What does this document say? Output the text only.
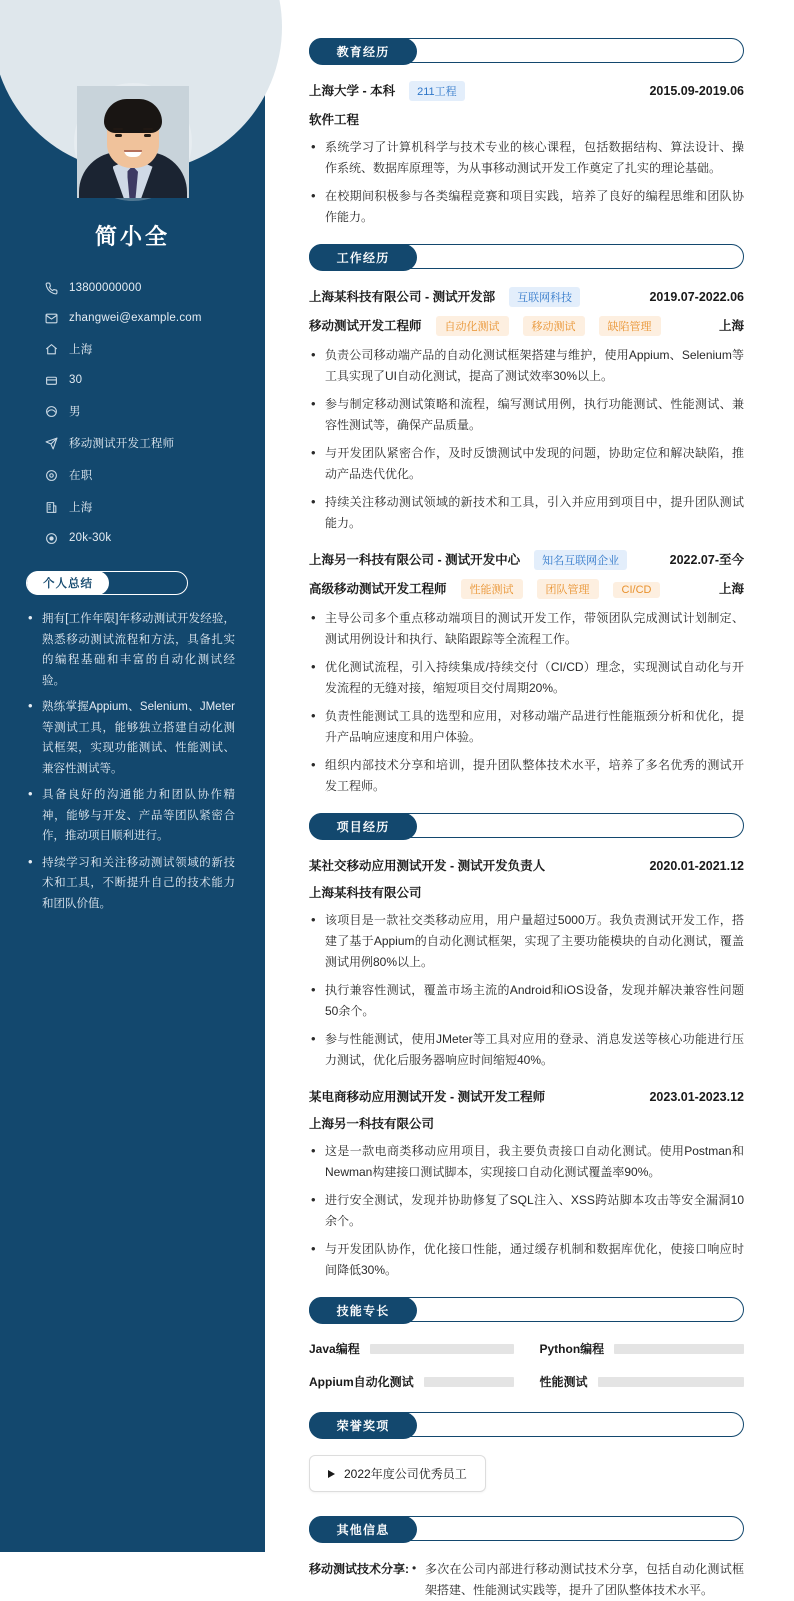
简小全
13800000000
zhangwei@example.com
上海
30
男
移动测试开发工程师
在职
上海
20k-30k
个人总结
• 拥有[工作年限]年移动测试开发经验，熟悉移动测试流程和方法，具备扎实的编程基础和丰富的自动化测试经验。
• 熟练掌握Appium、Selenium、JMeter等测试工具，能够独立搭建自动化测试框架，实现功能测试、性能测试、兼容性测试等。
• 具备良好的沟通能力和团队协作精神，能够与开发、产品等团队紧密合作，推动项目顺利进行。
• 持续学习和关注移动测试领域的新技术和工具，不断提升自己的技术能力和团队价值。
教育经历
上海大学 - 本科	211工程	2015.09-2019.06
软件工程
• 系统学习了计算机科学与技术专业的核心课程，包括数据结构、算法设计、操作系统、数据库原理等，为从事移动测试开发工作奠定了扎实的理论基础。
• 在校期间积极参与各类编程竞赛和项目实践，培养了良好的编程思维和团队协作能力。
工作经历
上海某科技有限公司 - 测试开发部	互联网科技	2019.07-2022.06
移动测试开发工程师	自动化测试	移动测试	缺陷管理	上海
• 负责公司移动端产品的自动化测试框架搭建与维护，使用Appium、Selenium等工具实现了UI自动化测试，提高了测试效率30%以上。
• 参与制定移动测试策略和流程，编写测试用例，执行功能测试、性能测试、兼容性测试等，确保产品质量。
• 与开发团队紧密合作，及时反馈测试中发现的问题，协助定位和解决缺陷，推动产品迭代优化。
• 持续关注移动测试领域的新技术和工具，引入并应用到项目中，提升团队测试能力。
上海另一科技有限公司 - 测试开发中心	知名互联网企业	2022.07-至今
高级移动测试开发工程师	性能测试	团队管理	CI/CD	上海
• 主导公司多个重点移动端项目的测试开发工作，带领团队完成测试计划制定、测试用例设计和执行、缺陷跟踪等全流程工作。
• 优化测试流程，引入持续集成/持续交付（CI/CD）理念，实现测试自动化与开发流程的无缝对接，缩短项目交付周期20%。
• 负责性能测试工具的选型和应用，对移动端产品进行性能瓶颈分析和优化，提升产品响应速度和用户体验。
• 组织内部技术分享和培训，提升团队整体技术水平，培养了多名优秀的测试开发工程师。
项目经历
某社交移动应用测试开发 - 测试开发负责人	2020.01-2021.12
上海某科技有限公司
• 该项目是一款社交类移动应用，用户量超过5000万。我负责测试开发工作，搭建了基于Appium的自动化测试框架，实现了主要功能模块的自动化测试，覆盖测试用例80%以上。
• 执行兼容性测试，覆盖市场主流的Android和iOS设备，发现并解决兼容性问题50余个。
• 参与性能测试，使用JMeter等工具对应用的登录、消息发送等核心功能进行压力测试，优化后服务器响应时间缩短40%。
某电商移动应用测试开发 - 测试开发工程师	2023.01-2023.12
上海另一科技有限公司
• 这是一款电商类移动应用项目，我主要负责接口自动化测试。使用Postman和Newman构建接口测试脚本，实现接口自动化测试覆盖率90%。
• 进行安全测试，发现并协助修复了SQL注入、XSS跨站脚本攻击等安全漏洞10余个。
• 与开发团队协作，优化接口性能，通过缓存机制和数据库优化，使接口响应时间降低30%。
技能专长
Java编程	Python编程
Appium自动化测试	性能测试
荣誉奖项
2022年度公司优秀员工
其他信息
移动测试技术分享:	• 多次在公司内部进行移动测试技术分享，包括自动化测试框架搭建、性能测试实践等，提升了团队整体技术水平。
